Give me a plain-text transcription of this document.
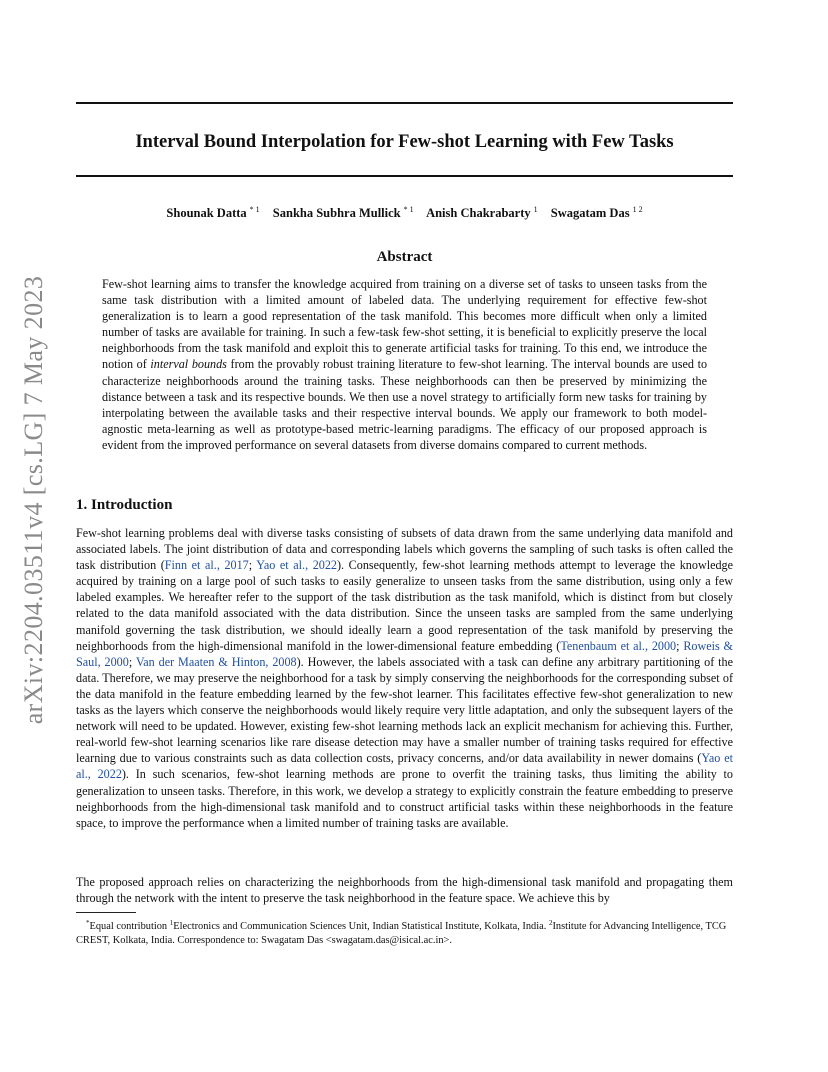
arXiv:2204.03511v4 [cs.LG] 7 May 2023
Interval Bound Interpolation for Few-shot Learning with Few Tasks
Shounak Datta $^{* 1}$ Sankha Subhra Mullick $^{* 1}$ Anish Chakrabarty $^1$ Swagatam Das $^{1 2}$
Abstract
Few-shot learning aims to transfer the knowledge acquired from training on a diverse set of tasks to unseen tasks from the same task distribution with a limited amount of labeled data. The underlying requirement for effective few-shot generalization is to learn a good representation of the task manifold. This becomes more difficult when only a limited number of tasks are available for training. In such a few-task few-shot setting, it is beneficial to explicitly preserve the local neighborhoods from the task manifold and exploit this to generate artificial tasks for training. To this end, we introduce the notion of interval bounds from the provably robust training literature to few-shot learning. The interval bounds are used to characterize neighborhoods around the training tasks. These neighborhoods can then be preserved by minimizing the distance between a task and its respective bounds. We then use a novel strategy to artificially form new tasks for training by interpolating between the available tasks and their respective interval bounds. We apply our framework to both model-agnostic meta-learning as well as prototype-based metric-learning paradigms. The efficacy of our proposed approach is evident from the improved performance on several datasets from diverse domains compared to current methods.
1. Introduction
Few-shot learning problems deal with diverse tasks consisting of subsets of data drawn from the same underlying data manifold and associated labels. The joint distribution of data and corresponding labels which governs the sampling of such tasks is often called the task distribution (Finn et al., 2017; Yao et al., 2022). Consequently, few-shot learning methods attempt to leverage the knowledge acquired by training on a large pool of such tasks to easily generalize to unseen tasks from the same distribution, using only a few labeled examples. We hereafter refer to the support of the task distribution as the task manifold, which is distinct from but closely related to the data manifold associated with the data distribution. Since the unseen tasks are sampled from the same underlying manifold governing the task distribution, we should ideally learn a good representation of the task manifold by preserving the neighborhoods from the high-dimensional manifold in the lower-dimensional feature embedding (Tenenbaum et al., 2000; Roweis & Saul, 2000; Van der Maaten & Hinton, 2008). However, the labels associated with a task can define any arbitrary partitioning of the data. Therefore, we may preserve the neighborhood for a task by simply conserving the neighborhoods for the corresponding subset of the data manifold in the feature embedding learned by the few-shot learner. This facilitates effective few-shot generalization to new tasks as the layers which conserve the neighborhoods would likely require very little adaptation, and only the subsequent layers of the network will need to be updated. However, existing few-shot learning methods lack an explicit mechanism for achieving this. Further, real-world few-shot learning scenarios like rare disease detection may have a smaller number of training tasks required for effective learning due to various constraints such as data collection costs, privacy concerns, and/or data availability in newer domains (Yao et al., 2022). In such scenarios, few-shot learning methods are prone to overfit the training tasks, thus limiting the ability to generalization to unseen tasks. Therefore, in this work, we develop a strategy to explicitly constrain the feature embedding to preserve neighborhoods from the high-dimensional task manifold and to construct artificial tasks within these neighborhoods in the feature space, to improve the performance when a limited number of training tasks are available.
The proposed approach relies on characterizing the neighborhoods from the high-dimensional task manifold and propagating them through the network with the intent to preserve the task neighborhood in the feature space. We achieve this by
*Equal contribution $^1$Electronics and Communication Sciences Unit, Indian Statistical Institute, Kolkata, India. $^2$Institute for Advancing Intelligence, TCG CREST, Kolkata, India. Correspondence to: Swagatam Das <swagatam.das@isical.ac.in>.
